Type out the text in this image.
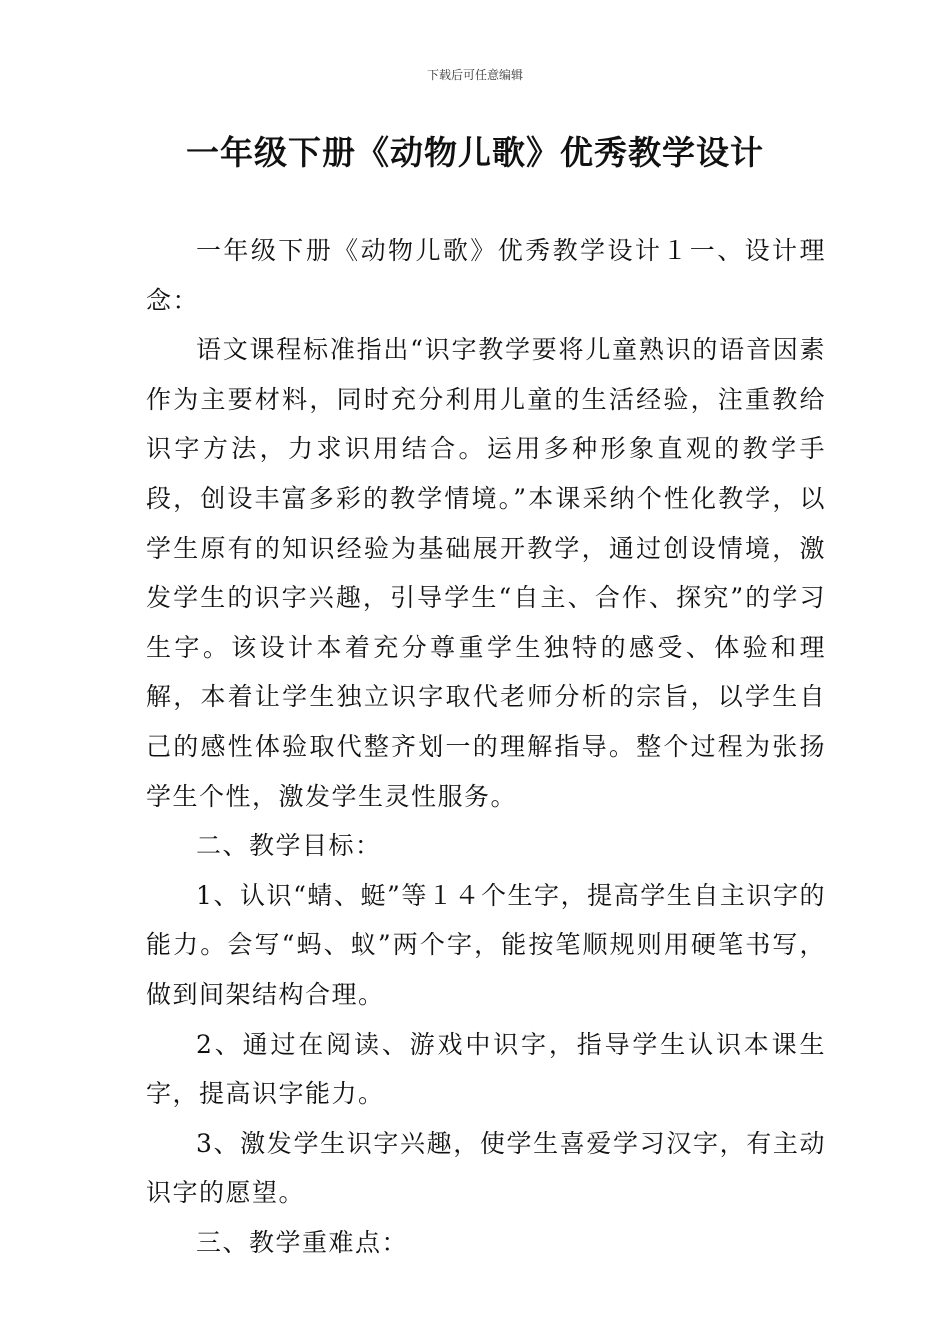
下载后可任意编辑
一年级下册《动物儿歌》优秀教学设计

一年级下册《动物儿歌》优秀教学设计１一、设计理念：

语文课程标准指出“识字教学要将儿童熟识的语音因素作为主要材料，同时充分利用儿童的生活经验，注重教给识字方法，力求识用结合。运用多种形象直观的教学手段，创设丰富多彩的教学情境。”本课采纳个性化教学，以学生原有的知识经验为基础展开教学，通过创设情境，激发学生的识字兴趣，引导学生“自主、合作、探究”的学习生字。该设计本着充分尊重学生独特的感受、体验和理解，本着让学生独立识字取代老师分析的宗旨，以学生自己的感性体验取代整齐划一的理解指导。整个过程为张扬学生个性，激发学生灵性服务。

二、教学目标：

1、认识“蜻、蜓”等１４个生字，提高学生自主识字的能力。会写“蚂、蚁”两个字，能按笔顺规则用硬笔书写，做到间架结构合理。

2、通过在阅读、游戏中识字，指导学生认识本课生字，提高识字能力。

3、激发学生识字兴趣，使学生喜爱学习汉字，有主动识字的愿望。

三、教学重难点：
